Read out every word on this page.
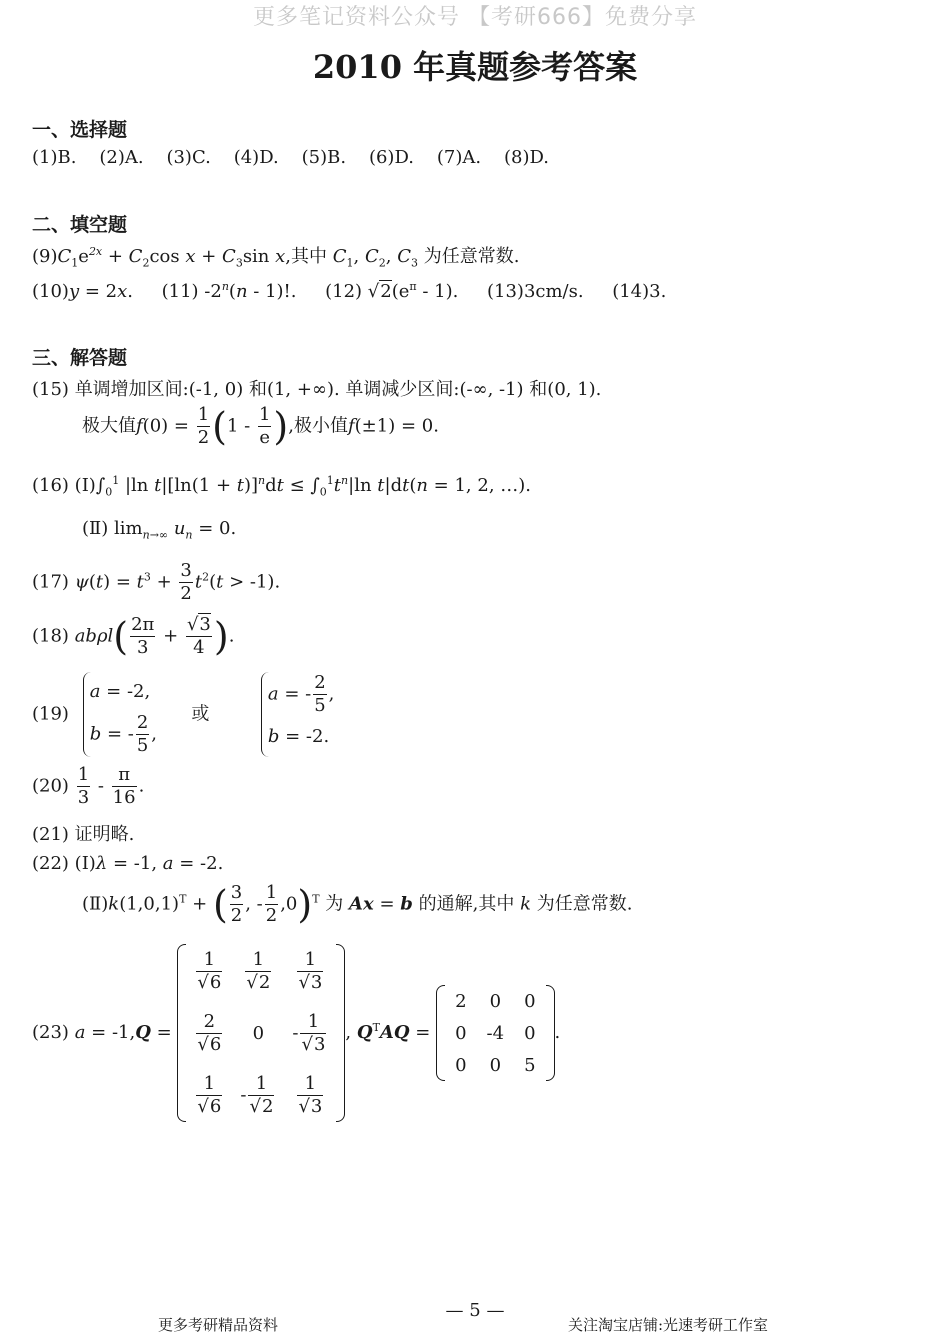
更多笔记资料公众号 【考研666】免费分享
2010 年真题参考答案
一、选择题
(1)B. (2)A. (3)C. (4)D. (5)B. (6)D. (7)A. (8)D.
二、填空题
$(9)C_1e^{2x} + C_2\cos$ $x + C_3\sin$ x,其中 $C_1$, $C_2$, $C_3$ 为任意常数.
(10)y = 2x.     (11) -2$^n$(n - 1)!.     (12) $√2(e^\pi - 1)$.     (13)3cm/s. (14)3.
三、解答题
(15) 单调增加区间:(-1, 0) 和(1, +∞). 单调减少区间:(-∞, -1) 和(0, 1).
极大值$f(0) = \frac{1}{2} (1 - \frac{1}{e}$ ),极小值f(±1) = 0.
(16) $(Ⅰ)\int_0^1$ |ln $t|[\ln(1 + t)]^ndt \le \int_0^1t^n|\ln$ t|dt(n = 1, 2, …).
(Ⅱ) $\lim_{n\to\infty} u_n = 0$.
(17) $\psi(t) = t^3 + \frac{3}{2} t^2(t > -1)$.
(18) $ab\rho l( \frac{2\pi}{3} + \frac{√3}{4}$ ).
(19)
a = -2,
b = - $\frac{2}{5}$ ,
或
a = - $\frac{2}{5}$ ,
b = -2.
$(20) \frac{1}{3} - \frac{\pi}{16}$ .
(21) 证明略.
(22) (Ⅰ)λ = -1, a = -2.
$(Ⅱ)k(1,0,1)^T$ + ( $\frac{3}{2}$ , - $\frac{1}{2} ,0)^T$ 为 Ax = b 的通解,其中 k 为任意常数.
(23) a = -1,Q =
$\frac{1}{√6}$	$\frac{1}{√2}$	$\frac{1}{√3}$

$\frac{2}{√6}$	0	- $\frac{1}{√3}$

$\frac{1}{√6}$	- $\frac{1}{√2}$	$\frac{1}{√3}$
, $Q^TAQ = 2$	0	0
0	-4	0
0	0	5.
更多考研精品资料
— 5 —
关注淘宝店铺:光速考研工作室
